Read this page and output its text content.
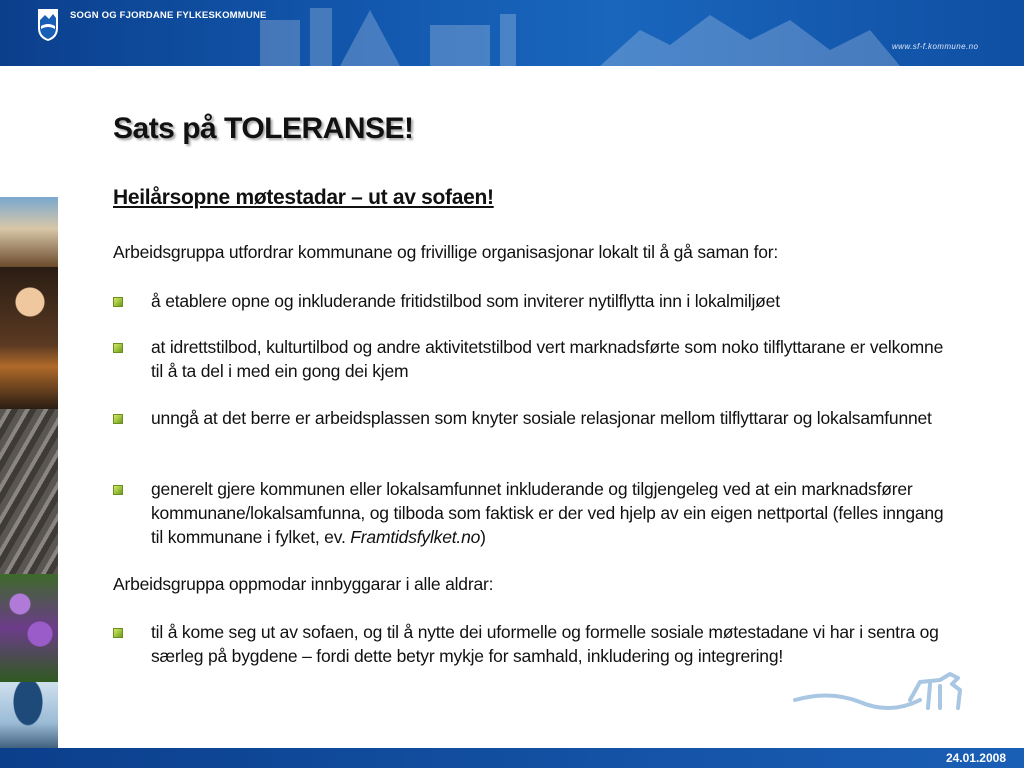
SOGN OG FJORDANE FYLKESKOMMUNE
www.sf-f.kommune.no
Sats på TOLERANSE!
Heilårsopne møtestadar – ut av sofaen!

Arbeidsgruppa utfordrar kommunane og frivillige organisasjonar lokalt til å gå saman for:

å etablere opne og inkluderande fritidstilbod som inviterer nytilflytta inn i lokalmiljøet
at idrettstilbod, kulturtilbod og andre aktivitetstilbod vert marknadsførte som noko tilflyttarane er velkomne til å ta del i med ein gong dei kjem
unngå at det berre er arbeidsplassen som knyter sosiale relasjonar mellom tilflyttarar og lokalsamfunnet
generelt gjere kommunen eller lokalsamfunnet inkluderande og tilgjengeleg ved at ein marknadsfører kommunane/lokalsamfunna, og tilboda som faktisk er der ved hjelp av ein eigen nettportal (felles inngang til kommunane i fylket, ev. Framtidsfylket.no)

Arbeidsgruppa oppmodar innbyggarar i alle aldrar:

til å kome seg ut av sofaen, og til å nytte dei uformelle og formelle sosiale møtestadane vi har i sentra og særleg på bygdene – fordi dette betyr mykje for samhald, inkludering og integrering!
24.01.2008
